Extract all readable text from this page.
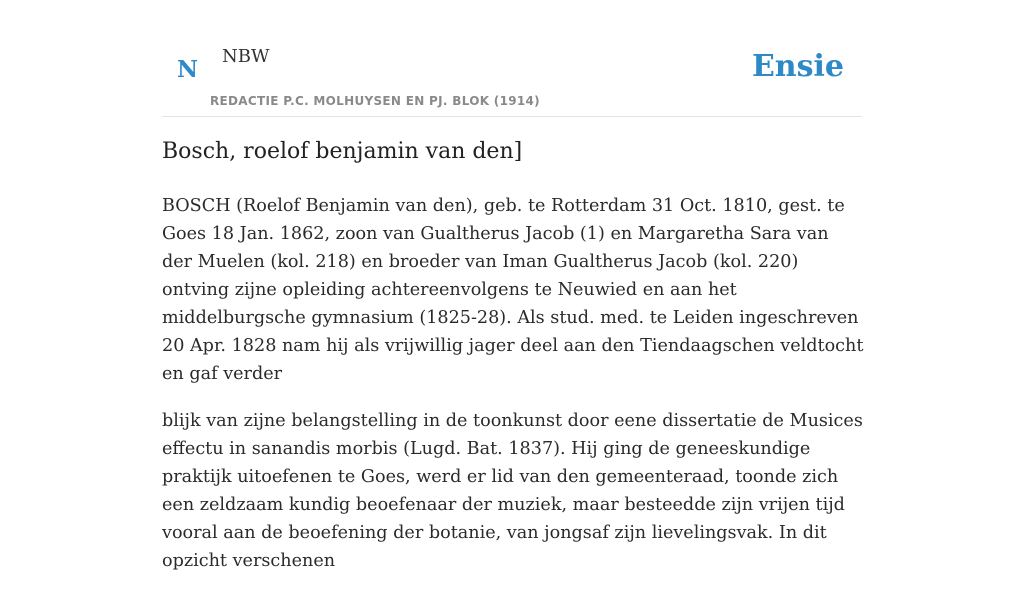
N NBW
REDACTIE P.C. MOLHUYSEN EN PJ. BLOK (1914)
Ensie
Bosch, roelof benjamin van den]

BOSCH (Roelof Benjamin van den), geb. te Rotterdam 31 Oct. 1810, gest. te Goes 18 Jan. 1862, zoon van Gualtherus Jacob (1) en Margaretha Sara van der Muelen (kol. 218) en broeder van Iman Gualtherus Jacob (kol. 220) ontving zijne opleiding achtereenvolgens te Neuwied en aan het middelburgsche gymnasium (1825-28). Als stud. med. te Leiden ingeschreven 20 Apr. 1828 nam hij als vrijwillig jager deel aan den Tiendaagschen veldtocht en gaf verder

blijk van zijne belangstelling in de toonkunst door eene dissertatie de Musices effectu in sanandis morbis (Lugd. Bat. 1837). Hij ging de geneeskundige praktijk uitoefenen te Goes, werd er lid van den gemeenteraad, toonde zich een zeldzaam kundig beoefenaar der muziek, maar besteedde zijn vrijen tijd vooral aan de beoefening der botanie, van jongsaf zijn lievelingsvak. In dit opzicht verschenen
